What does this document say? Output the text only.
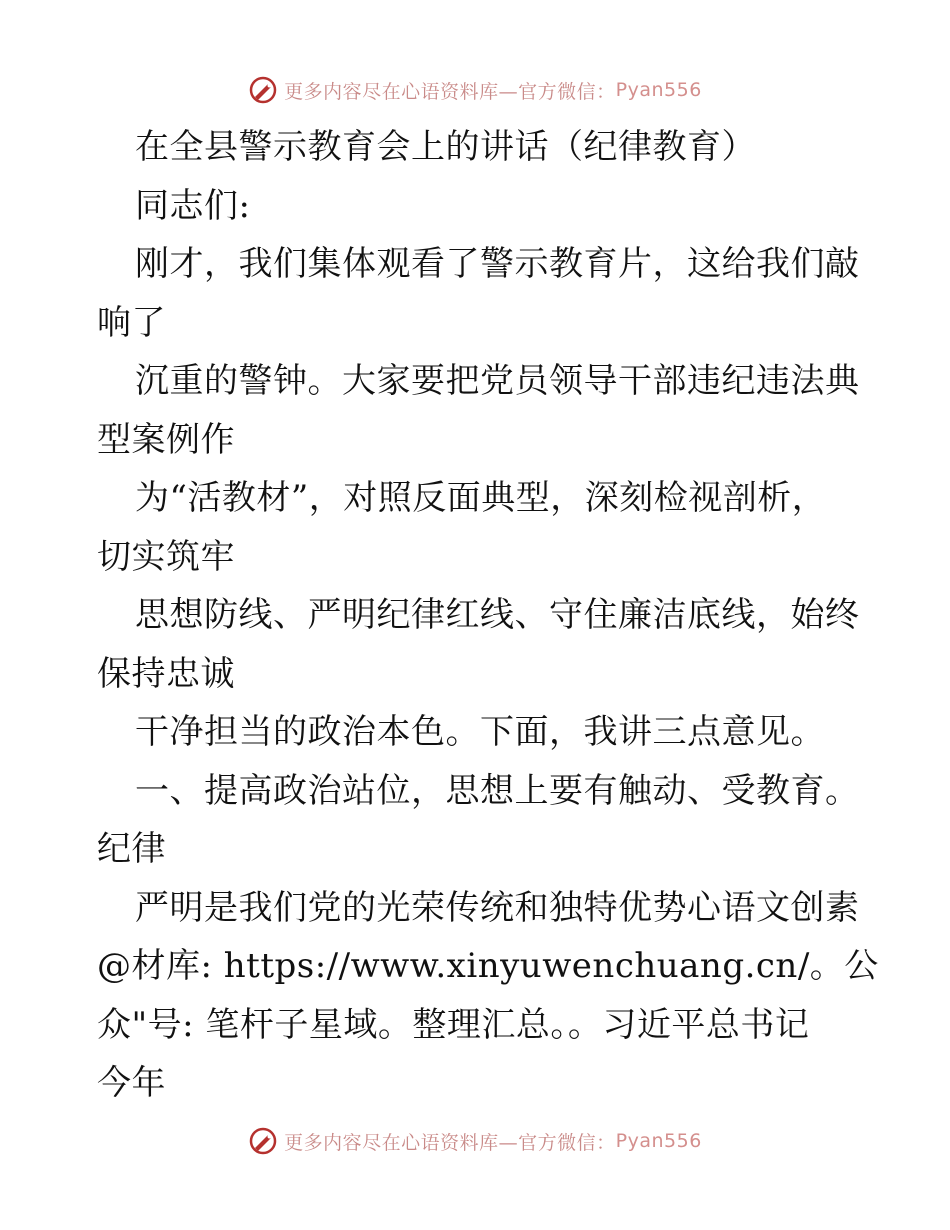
更多内容尽在心语资料库—官方微信： Pyan556
在全县警示教育会上的讲话（纪律教育）
同志们:
刚才，我们集体观看了警示教育片，这给我们敲
响了
沉重的警钟。大家要把党员领导干部违纪违法典
型案例作
为“活教材”，对照反面典型，深刻检视剖析，
切实筑牢
思想防线、严明纪律红线、守住廉洁底线，始终
保持忠诚
干净担当的政治本色。下面，我讲三点意见。
一、提高政治站位，思想上要有触动、受教育。
纪律
严明是我们党的光荣传统和独特优势心语文创素
@材库: https://www.xinyuwenchuang.cn/。公
众"号: 笔杆子星域。整理汇总。。习近平总书记
今年
更多内容尽在心语资料库—官方微信： Pyan556
